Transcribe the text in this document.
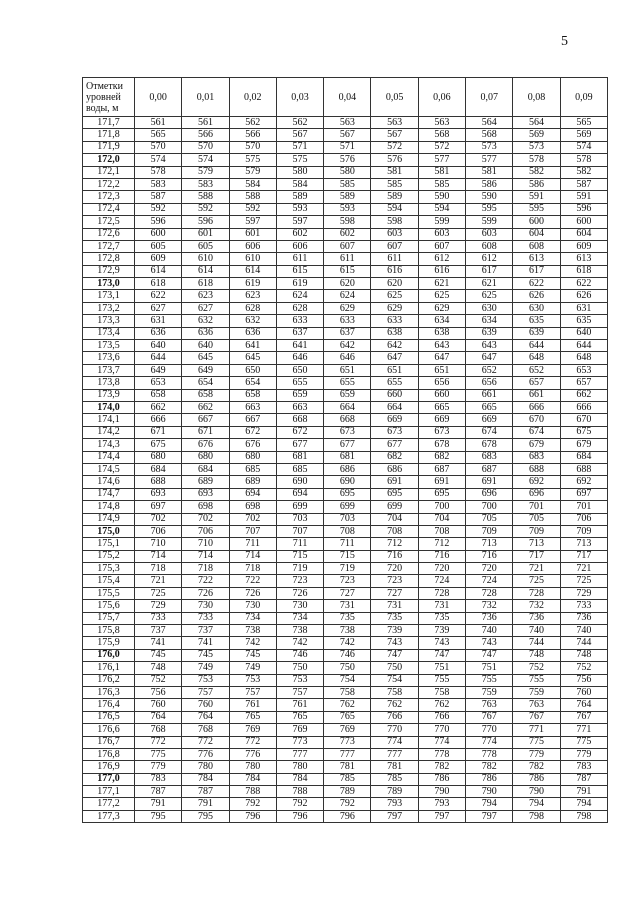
5
Отметки уровней воды, м	0,00	0,01	0,02	0,03	0,04	0,05	0,06	0,07	0,08	0,09
171,7	561	561	562	562	563	563	563	564	564	565
171,8	565	566	566	567	567	567	568	568	569	569
171,9	570	570	570	571	571	572	572	573	573	574
172,0	574	574	575	575	576	576	577	577	578	578
172,1	578	579	579	580	580	581	581	581	582	582
172,2	583	583	584	584	585	585	585	586	586	587
172,3	587	588	588	589	589	589	590	590	591	591
172,4	592	592	592	593	593	594	594	595	595	596
172,5	596	596	597	597	598	598	599	599	600	600
172,6	600	601	601	602	602	603	603	603	604	604
172,7	605	605	606	606	607	607	607	608	608	609
172,8	609	610	610	611	611	611	612	612	613	613
172,9	614	614	614	615	615	616	616	617	617	618
173,0	618	618	619	619	620	620	621	621	622	622
173,1	622	623	623	624	624	625	625	625	626	626
173,2	627	627	628	628	629	629	629	630	630	631
173,3	631	632	632	633	633	633	634	634	635	635
173,4	636	636	636	637	637	638	638	639	639	640
173,5	640	640	641	641	642	642	643	643	644	644
173,6	644	645	645	646	646	647	647	647	648	648
173,7	649	649	650	650	651	651	651	652	652	653
173,8	653	654	654	655	655	655	656	656	657	657
173,9	658	658	658	659	659	660	660	661	661	662
174,0	662	662	663	663	664	664	665	665	666	666
174,1	666	667	667	668	668	669	669	669	670	670
174,2	671	671	672	672	673	673	673	674	674	675
174,3	675	676	676	677	677	677	678	678	679	679
174,4	680	680	680	681	681	682	682	683	683	684
174,5	684	684	685	685	686	686	687	687	688	688
174,6	688	689	689	690	690	691	691	691	692	692
174,7	693	693	694	694	695	695	695	696	696	697
174,8	697	698	698	699	699	699	700	700	701	701
174,9	702	702	702	703	703	704	704	705	705	706
175,0	706	706	707	707	708	708	708	709	709	709
175,1	710	710	711	711	711	712	712	713	713	713
175,2	714	714	714	715	715	716	716	716	717	717
175,3	718	718	718	719	719	720	720	720	721	721
175,4	721	722	722	723	723	723	724	724	725	725
175,5	725	726	726	726	727	727	728	728	728	729
175,6	729	730	730	730	731	731	731	732	732	733
175,7	733	733	734	734	735	735	735	736	736	736
175,8	737	737	738	738	738	739	739	740	740	740
175,9	741	741	742	742	742	743	743	743	744	744
176,0	745	745	745	746	746	747	747	747	748	748
176,1	748	749	749	750	750	750	751	751	752	752
176,2	752	753	753	753	754	754	755	755	755	756
176,3	756	757	757	757	758	758	758	759	759	760
176,4	760	760	761	761	762	762	762	763	763	764
176,5	764	764	765	765	765	766	766	767	767	767
176,6	768	768	769	769	769	770	770	770	771	771
176,7	772	772	772	773	773	774	774	774	775	775
176,8	775	776	776	777	777	777	778	778	779	779
176,9	779	780	780	780	781	781	782	782	782	783
177,0	783	784	784	784	785	785	786	786	786	787
177,1	787	787	788	788	789	789	790	790	790	791
177,2	791	791	792	792	792	793	793	794	794	794
177,3	795	795	796	796	796	797	797	797	798	798
